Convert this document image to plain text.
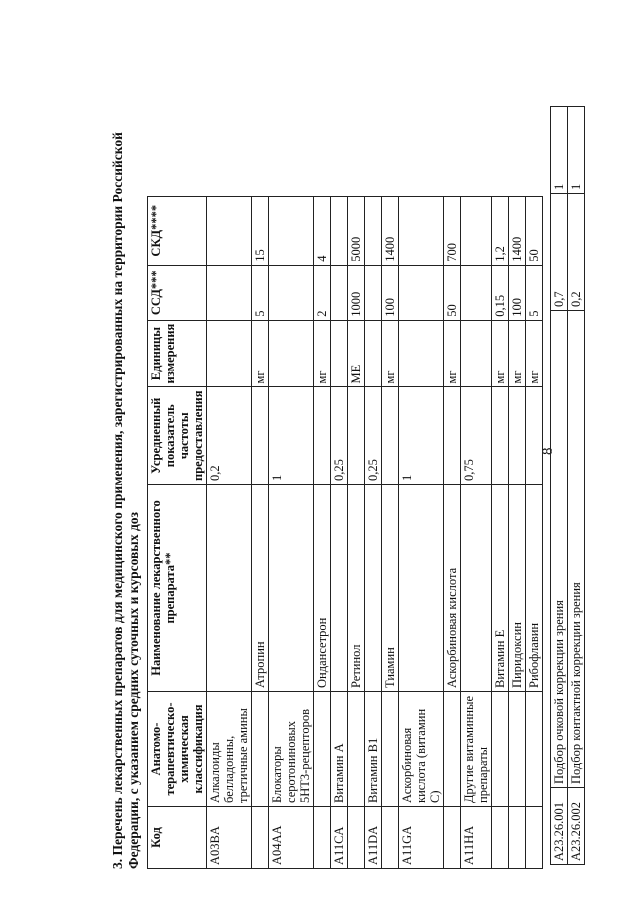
8
A23.26.001	Подбор очковой коррекции зрения	0,7	1
A23.26.002	Подбор контактной коррекции зрения	0,2	1
3. Перечень лекарственных препаратов для медицинского применения, зарегистрированных на территории Российской Федерации, с указанием средних суточных и курсовых доз Код	Анатомо-терапевтическо-химическая классификация	Наименование лекарственного препарата**	Усредненный показатель частоты предоставления	Единицы измерения	ССД***	СКД****
A03BA	Алкалоиды белладонны, третичные амины		0,2			
		Атропин		мг	5	15
A04AA	Блокаторы серотониновых 5HT3-рецепторов		1			
		Ондансетрон		мг	2	4
A11CA	Витамин А		0,25			
		Ретинол		МЕ	1000	5000
A11DA	Витамин B1		0,25			
		Тиамин		мг	100	1400
A11GA	Аскорбиновая кислота (витамин С)		1			
		Аскорбиновая кислота		мг	50	700
A11HA	Другие витаминные препараты		0,75			
		Витамин Е		мг	0,15	1,2
		Пиридоксин		мг	100	1400
		Рибофлавин		мг	5	50
